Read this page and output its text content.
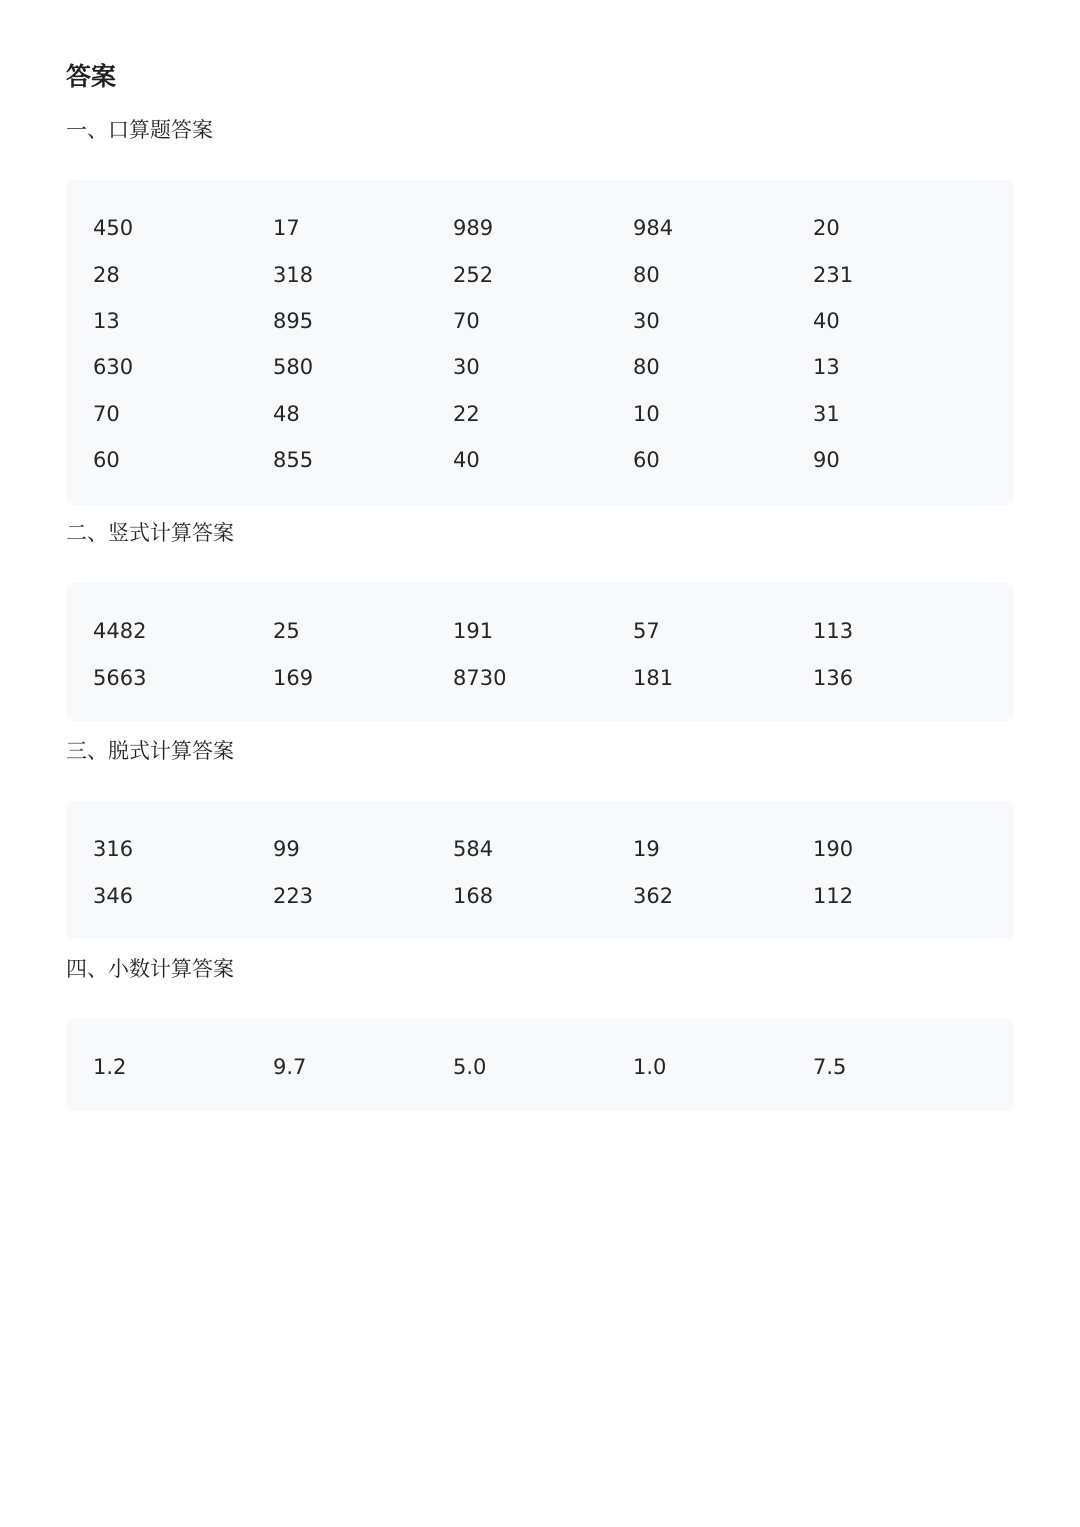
答案
一、口算题答案
450	17	989	984	20
28	318	252	80	231
13	895	70	30	40
630	580	30	80	13
70	48	22	10	31
60	855	40	60	90
二、竖式计算答案
4482	25	191	57	113
5663	169	8730	181	136
三、脱式计算答案
316	99	584	19	190
346	223	168	362	112
四、小数计算答案
1.2	9.7	5.0	1.0	7.5
